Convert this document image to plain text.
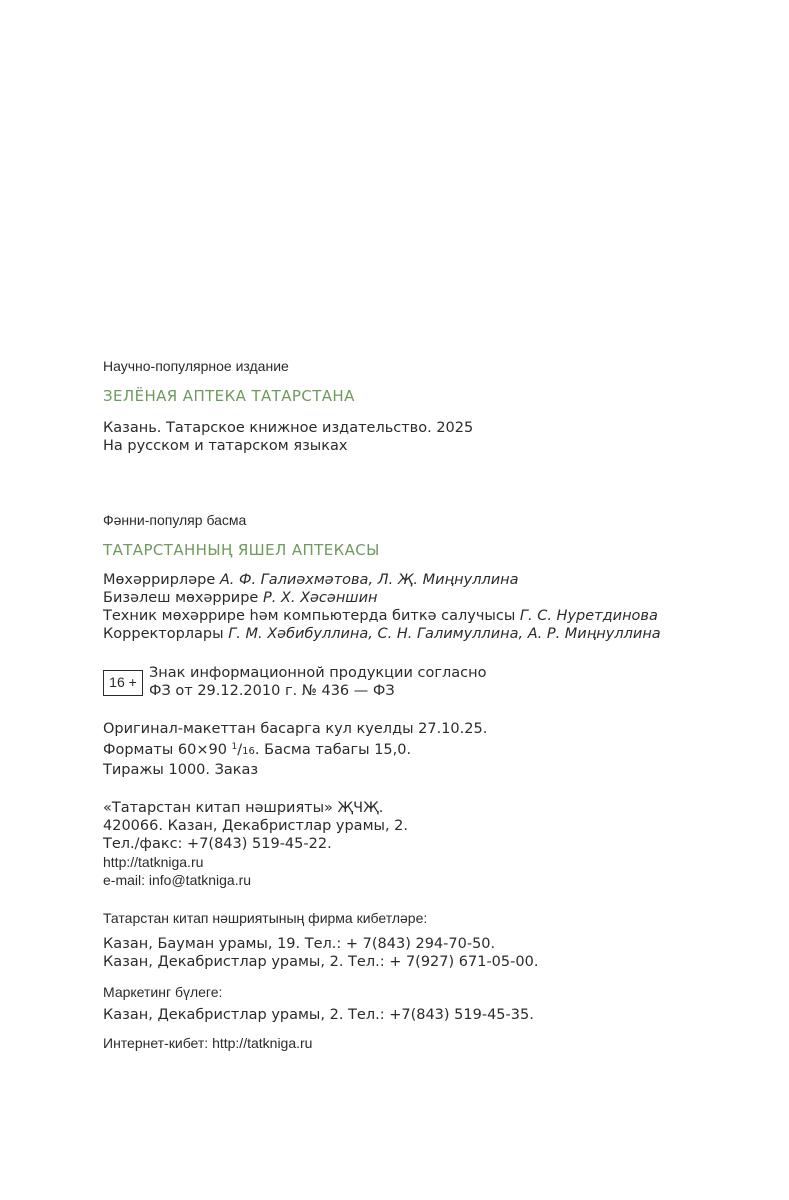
Научно-популярное издание
ЗЕЛЁНАЯ АПТЕКА ТАТАРСТАНА
Казань. Татарское книжное издательство. 2025
На русском и татарском языках
Фәнни-популяр басма
ТАТАРСТАННЫҢ ЯШЕЛ АПТЕКАСЫ
Мөхәррирләре А. Ф. Галиәхмәтова, Л. Җ. Миңнуллина
Бизәлеш мөхәррире Р. Х. Хәсәншин
Техник мөхәррире һәм компьютерда биткә салучысы Г. С. Нуретдинова
Корректорлары Г. М. Хәбибуллина, С. Н. Галимуллина, А. Р. Миңнуллина
16 +
Знак информационной продукции согласно
ФЗ от 29.12.2010 г. № 436 — ФЗ
Оригинал-макеттан басарга кул куелды 27.10.25.
Форматы 60×90 $^1$/16. Басма табагы 15,0.
Тиражы 1000. Заказ
«Татарстан китап нәшрияты» ҖЧҖ.
420066. Казан, Декабристлар урамы, 2.
Тел./факс: +7(843) 519-45-22.
http://tatkniga.ru
e-mail: info@tatkniga.ru
Татарстан китап нәшриятының фирма кибетләре:
Казан, Бауман урамы, 19. Тел.: + 7(843) 294-70-50.
Казан, Декабристлар урамы, 2. Тел.: + 7(927) 671-05-00.
Маркетинг бүлеге:
Казан, Декабристлар урамы, 2. Тел.: +7(843) 519-45-35.
Интернет-кибет: http://tatkniga.ru
